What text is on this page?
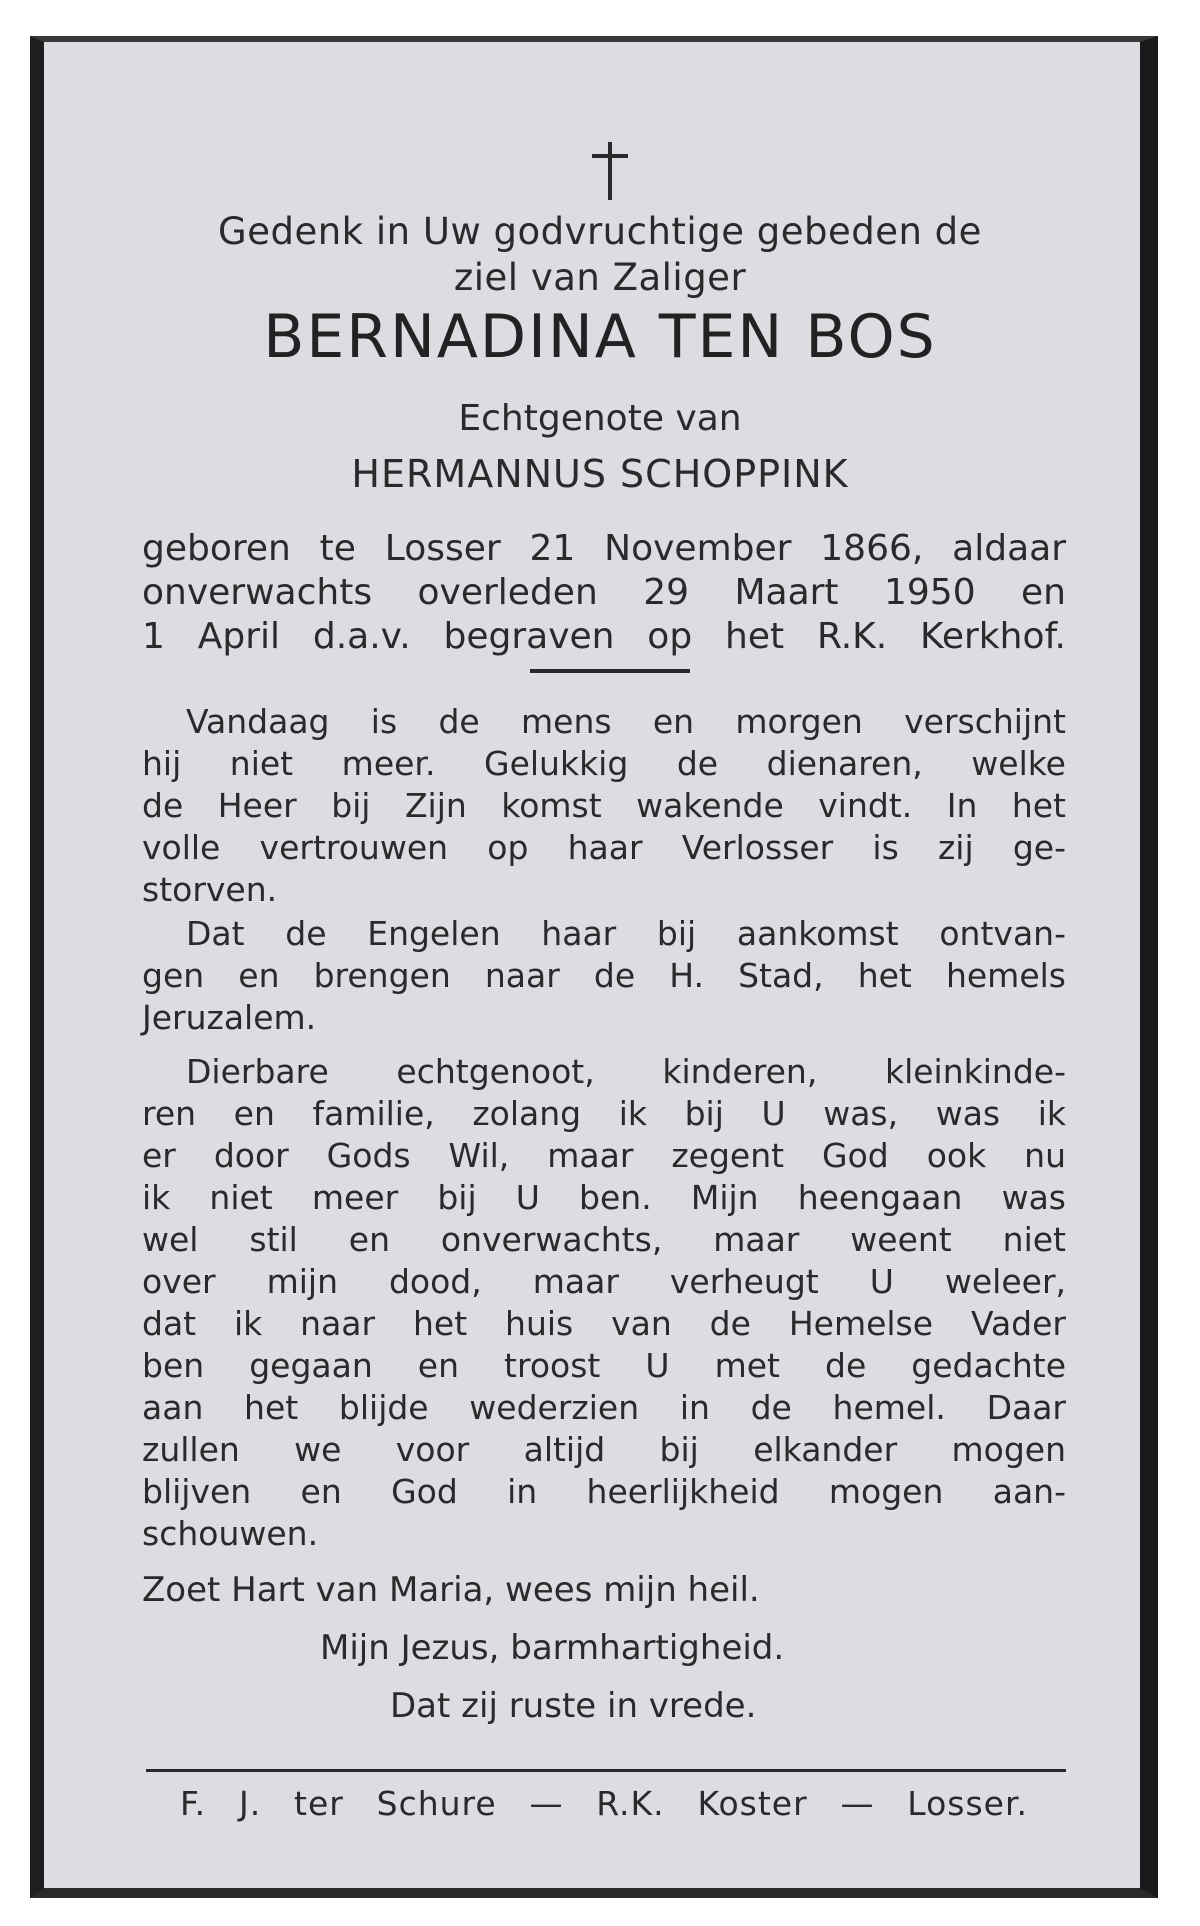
Gedenk in Uw godvruchtige gebeden de
ziel van Zaliger
BERNADINA TEN BOS
Echtgenote van
HERMANNUS SCHOPPINK
geboren te Losser 21 November 1866, aldaar
onverwachts overleden 29 Maart 1950 en
1 April d.a.v. begraven op het R.K. Kerkhof.
Vandaag is de mens en morgen verschijnt
hij niet meer. Gelukkig de dienaren, welke
de Heer bij Zijn komst wakende vindt. In het
volle vertrouwen op haar Verlosser is zij ge-
storven.
Dat de Engelen haar bij aankomst ontvan-
gen en brengen naar de H. Stad, het hemels
Jeruzalem.
Dierbare echtgenoot, kinderen, kleinkinde-
ren en familie, zolang ik bij U was, was ik
er door Gods Wil, maar zegent God ook nu
ik niet meer bij U ben. Mijn heengaan was
wel stil en onverwachts, maar weent niet
over mijn dood, maar verheugt U weleer,
dat ik naar het huis van de Hemelse Vader
ben gegaan en troost U met de gedachte
aan het blijde wederzien in de hemel. Daar
zullen we voor altijd bij elkander mogen
blijven en God in heerlijkheid mogen aan-
schouwen.
Zoet Hart van Maria, wees mijn heil.
Mijn Jezus, barmhartigheid.
Dat zij ruste in vrede.
F. J. ter Schure — R.K. Koster — Losser.
